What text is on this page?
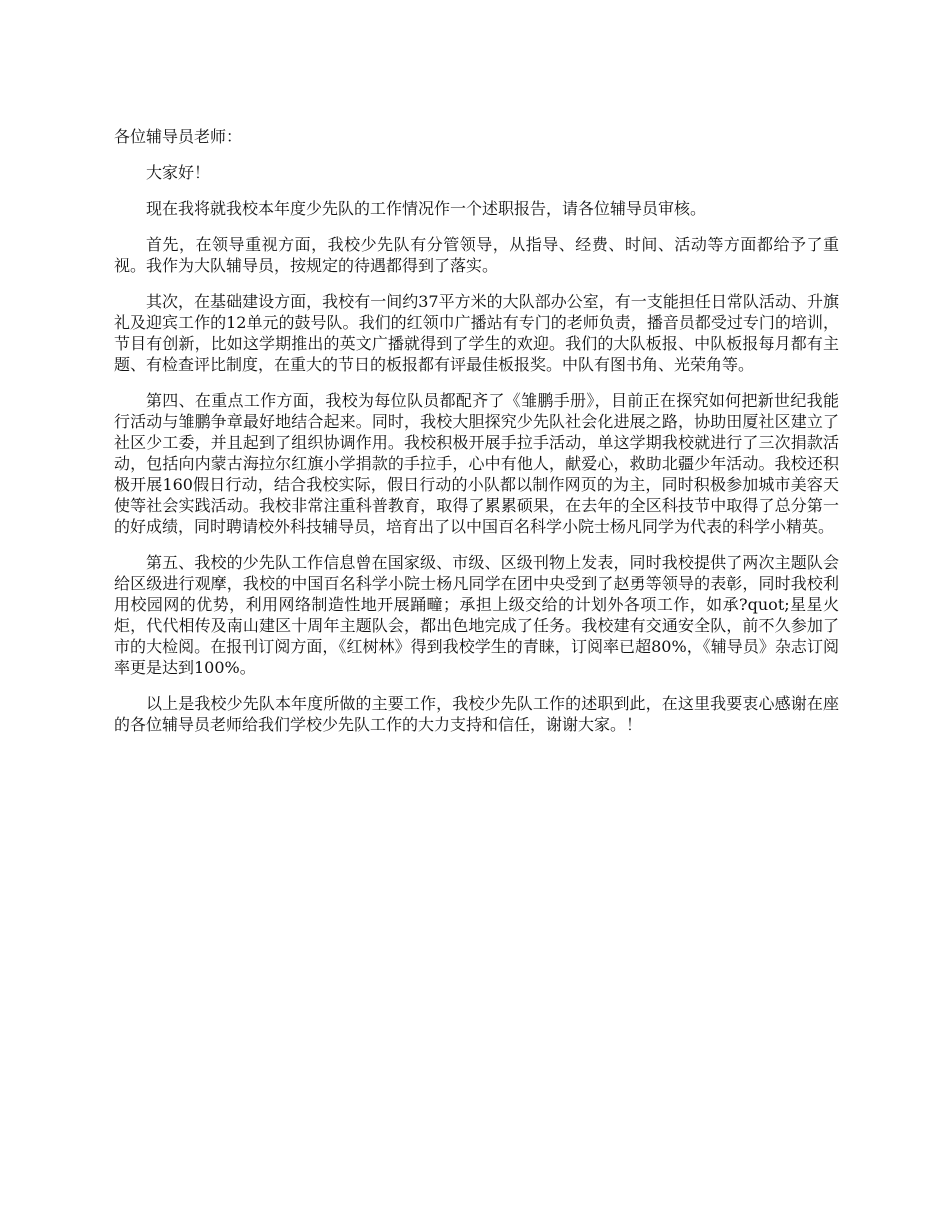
各位辅导员老师：

大家好！

现在我将就我校本年度少先队的工作情况作一个述职报告，请各位辅导员审核。

首先，在领导重视方面，我校少先队有分管领导，从指导、经费、时间、活动等方面都给予了重视。我作为大队辅导员，按规定的待遇都得到了落实。

其次，在基础建设方面，我校有一间约37平方米的大队部办公室，有一支能担任日常队活动、升旗礼及迎宾工作的12单元的鼓号队。我们的红领巾广播站有专门的老师负责，播音员都受过专门的培训，节目有创新，比如这学期推出的英文广播就得到了学生的欢迎。我们的大队板报、中队板报每月都有主题、有检查评比制度，在重大的节日的板报都有评最佳板报奖。中队有图书角、光荣角等。

第四、在重点工作方面，我校为每位队员都配齐了《雏鹏手册》，目前正在探究如何把新世纪我能行活动与雏鹏争章最好地结合起来。同时，我校大胆探究少先队社会化进展之路，协助田厦社区建立了社区少工委，并且起到了组织协调作用。我校积极开展手拉手活动，单这学期我校就进行了三次捐款活动，包括向内蒙古海拉尔红旗小学捐款的手拉手，心中有他人，献爱心，救助北疆少年活动。我校还积极开展160假日行动，结合我校实际，假日行动的小队都以制作网页的为主，同时积极参加城市美容天使等社会实践活动。我校非常注重科普教育，取得了累累硕果，在去年的全区科技节中取得了总分第一的好成绩，同时聘请校外科技辅导员，培育出了以中国百名科学小院士杨凡同学为代表的科学小精英。

第五、我校的少先队工作信息曾在国家级、市级、区级刊物上发表，同时我校提供了两次主题队会给区级进行观摩，我校的中国百名科学小院士杨凡同学在团中央受到了赵勇等领导的表彰，同时我校利用校园网的优势，利用网络制造性地开展踊疃；承担上级交给的计划外各项工作，如承?quot;星星火炬，代代相传及南山建区十周年主题队会，都出色地完成了任务。我校建有交通安全队，前不久参加了市的大检阅。在报刊订阅方面，《红树林》得到我校学生的青睐，订阅率已超80%，《辅导员》杂志订阅率更是达到100%。

以上是我校少先队本年度所做的主要工作，我校少先队工作的述职到此，在这里我要衷心感谢在座的各位辅导员老师给我们学校少先队工作的大力支持和信任，谢谢大家。！
